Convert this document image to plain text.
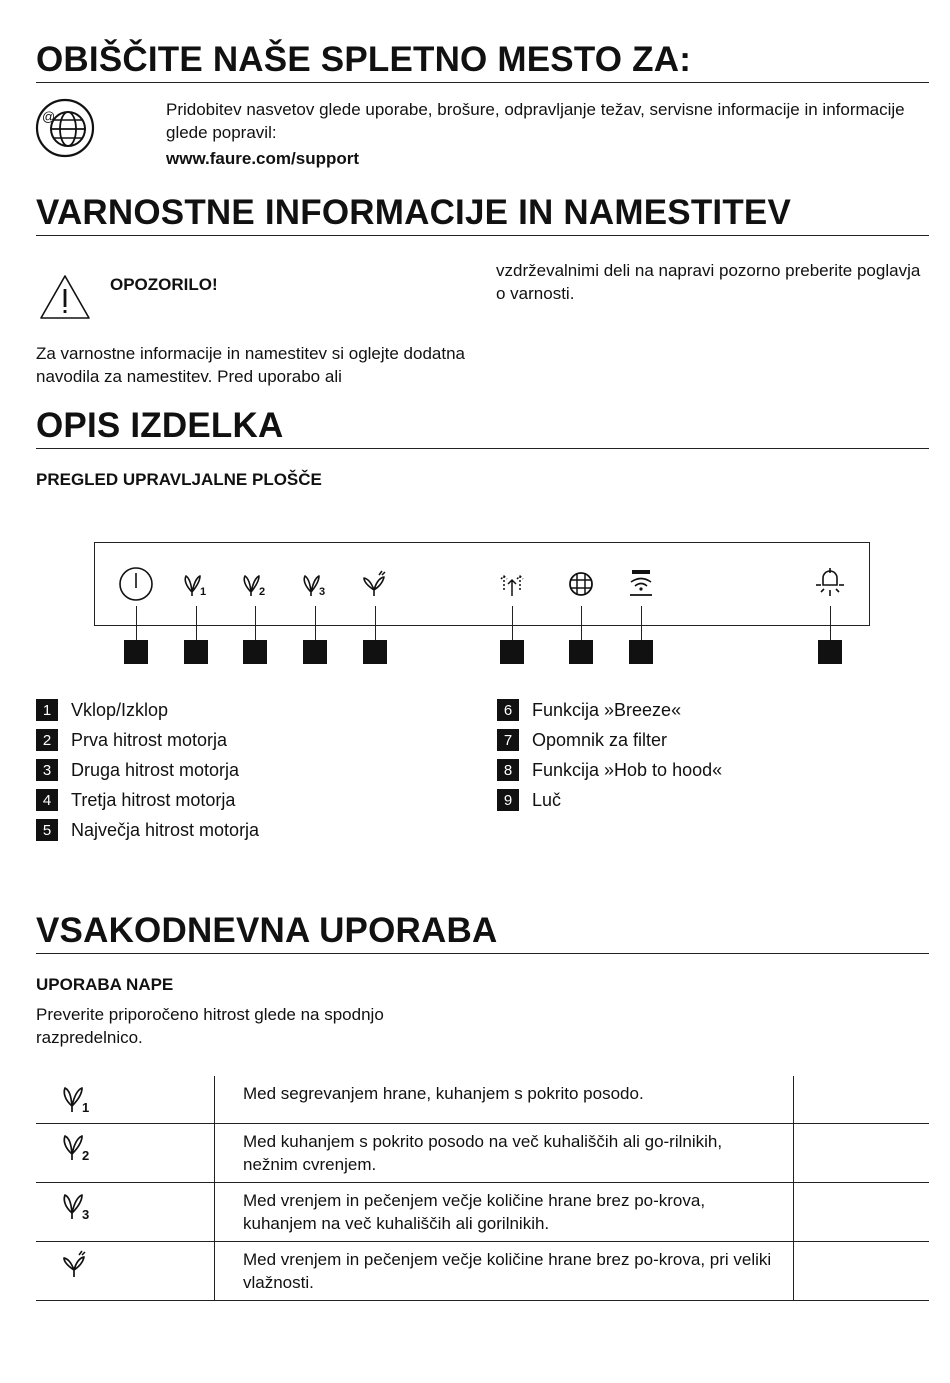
OBIŠČITE NAŠE SPLETNO MESTO ZA:
@	Pridobitev nasvetov glede uporabe, brošure, odpravljanje težav, servisne informacije in informacije glede popravil:

www.faure.com/support

VARNOSTNE INFORMACIJE IN NAMESTITEV

OPOZORILO!

Za varnostne informacije in namestitev si oglejte dodatna navodila za namestitev. Pred uporabo ali

vzdrževalnimi deli na napravi pozorno preberite poglavja o varnosti.

OPIS IZDELKA

PREGLED UPRAVLJALNE PLOŠČE

1	2	3
1	Vklop/Izklop
2	Prva hitrost motorja
3	Druga hitrost motorja
4	Tretja hitrost motorja
5	Največja hitrost motorja
6	Funkcija »Breeze«
7	Opomnik za filter
8	Funkcija »Hob to hood«
9	Luč
VSAKODNEVNA UPORABA

UPORABA NAPE

Preverite priporočeno hitrost glede na spodnjo razpredelnico.

1	Med segrevanjem hrane, kuhanjem s pokrito posodo.	

2	Med kuhanjem s pokrito posodo na več kuhališčih ali go-rilnikih, nežnim cvrenjem.	

3	Med vrenjem in pečenjem večje količine hrane brez po-krova, kuhanjem na več kuhališčih ali gorilnikih.	

	Med vrenjem in pečenjem večje količine hrane brez po-krova, pri veliki vlažnosti.	
